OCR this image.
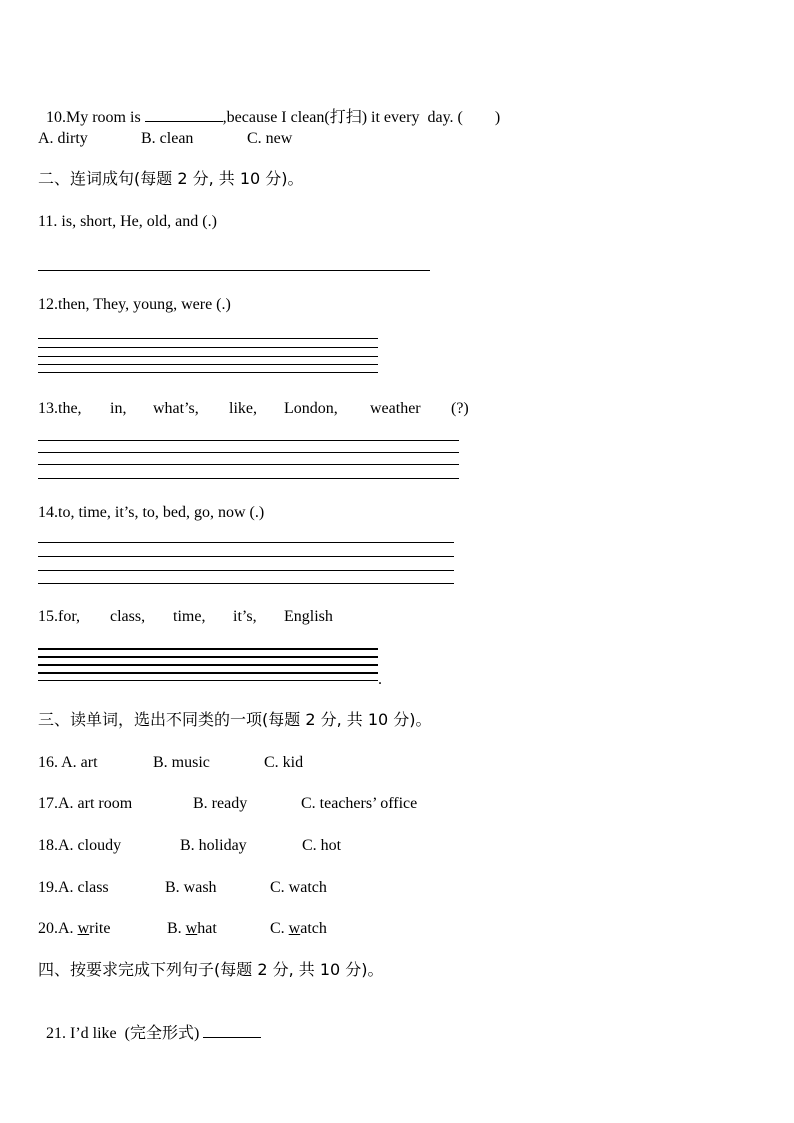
10.My room is	,because I clean(打扫) it every  day. ( )

A. dirty

	B. clean

	C. new

二、连词成句(每题 2 分, 共 10 分)。
11. is, short, He, old, and (.)
12.then, They, young, were (.)

13.the,

in,

what’s,

like,

London,

weather

(?)

14.to, time, it’s, to, bed, go, now (.)

15.for,

class,

time,

it’s,

English

.
三、读单词，选出不同类的一项(每题 2 分, 共 10 分)。

16. A. art

	B. music

	C. kid

17.A. art room

	B. ready

	C. teachers’ office

18.A. cloudy

	B. holiday

	C. hot

19.A. class

	B. wash

	C. watch

20.A. write

	B. what

	C. watch

四、按要求完成下列句子(每题 2 分, 共 10 分)。

21. I’d like  (完全形式)
